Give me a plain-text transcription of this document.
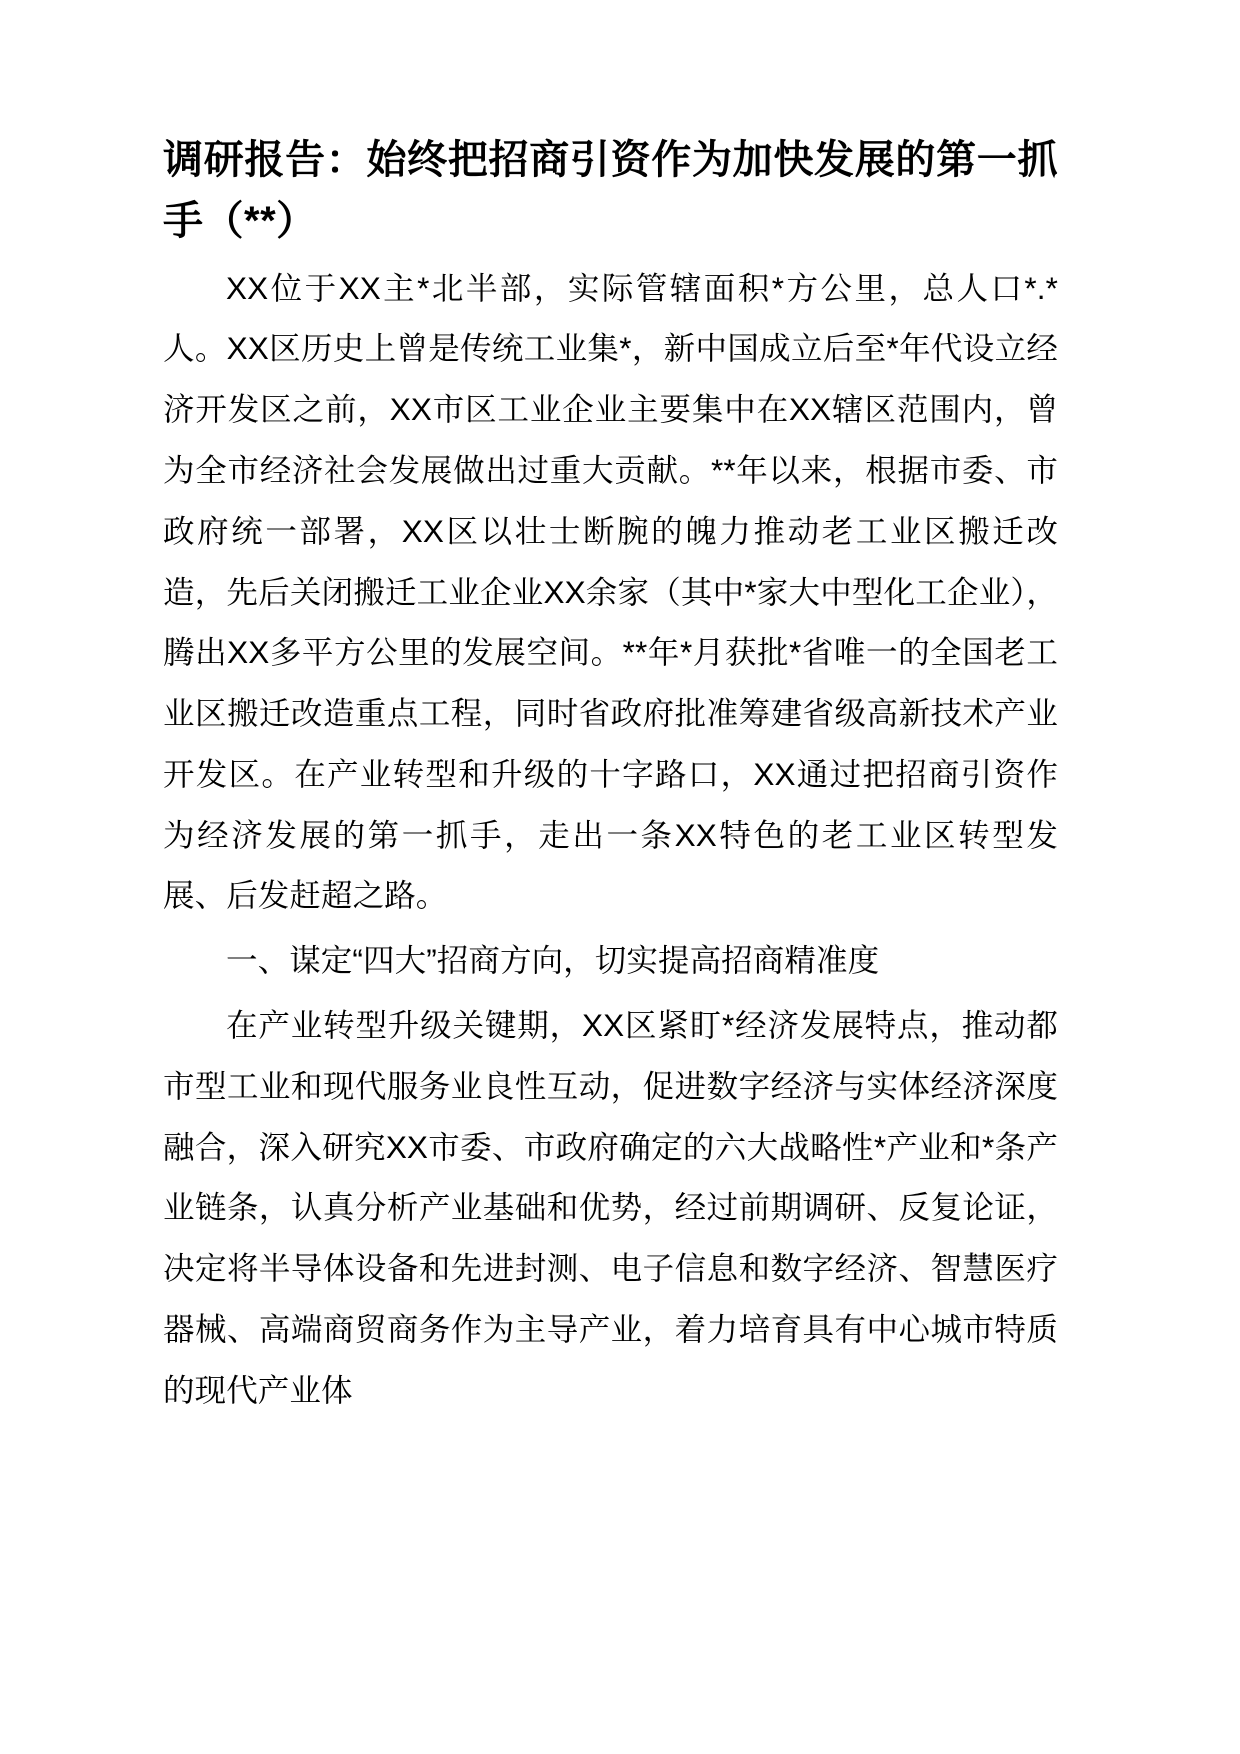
调研报告：始终把招商引资作为加快发展的第一抓手（**）

XX位于XX主*北半部，实际管辖面积*方公里，总人口*.*人。XX区历史上曾是传统工业集*，新中国成立后至*年代设立经济开发区之前，XX市区工业企业主要集中在XX辖区范围内，曾为全市经济社会发展做出过重大贡献。**年以来，根据市委、市政府统一部署，XX区以壮士断腕的魄力推动老工业区搬迁改造，先后关闭搬迁工业企业XX余家（其中*家大中型化工企业），腾出XX多平方公里的发展空间。**年*月获批*省唯一的全国老工业区搬迁改造重点工程，同时省政府批准筹建省级高新技术产业开发区。在产业转型和升级的十字路口，XX通过把招商引资作为经济发展的第一抓手，走出一条XX特色的老工业区转型发展、后发赶超之路。

一、谋定“四大”招商方向，切实提高招商精准度

在产业转型升级关键期，XX区紧盯*经济发展特点，推动都市型工业和现代服务业良性互动，促进数字经济与实体经济深度融合，深入研究XX市委、市政府确定的六大战略性*产业和*条产业链条，认真分析产业基础和优势，经过前期调研、反复论证，决定将半导体设备和先进封测、电子信息和数字经济、智慧医疗器械、高端商贸商务作为主导产业，着力培育具有中心城市特质的现代产业体
